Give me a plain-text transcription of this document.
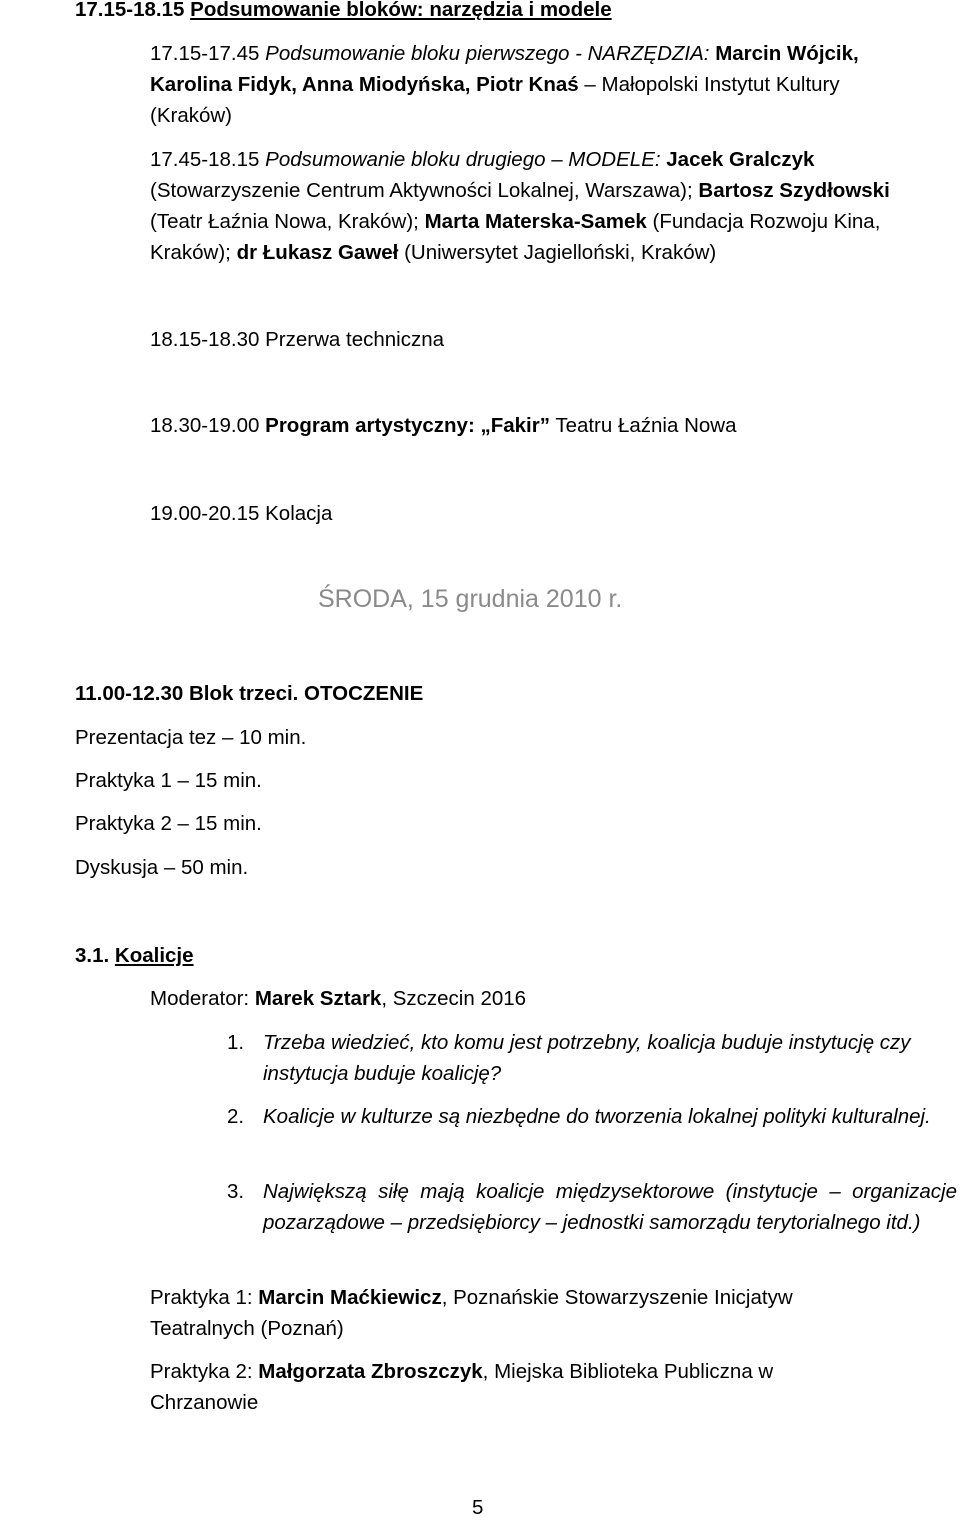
17.15-18.15 Podsumowanie bloków: narzędzia i modele
17.15-17.45 Podsumowanie bloku pierwszego - NARZĘDZIA: Marcin Wójcik, Karolina Fidyk, Anna Miodyńska, Piotr Knaś – Małopolski Instytut Kultury (Kraków)
17.45-18.15 Podsumowanie bloku drugiego – MODELE: Jacek Gralczyk (Stowarzyszenie Centrum Aktywności Lokalnej, Warszawa); Bartosz Szydłowski (Teatr Łaźnia Nowa, Kraków); Marta Materska-Samek (Fundacja Rozwoju Kina, Kraków); dr Łukasz Gaweł (Uniwersytet Jagielloński, Kraków)
18.15-18.30 Przerwa techniczna
18.30-19.00 Program artystyczny: „Fakir” Teatru Łaźnia Nowa
19.00-20.15 Kolacja
ŚRODA, 15 grudnia 2010 r.
11.00-12.30 Blok trzeci. OTOCZENIE
Prezentacja tez – 10 min.
Praktyka 1 – 15 min.
Praktyka 2 – 15 min.
Dyskusja – 50 min.
3.1. Koalicje
Moderator: Marek Sztark, Szczecin 2016
1. Trzeba wiedzieć, kto komu jest potrzebny, koalicja buduje instytucję czy instytucja buduje koalicję?
2. Koalicje w kulturze są niezbędne do tworzenia lokalnej polityki kulturalnej.
3. Największą siłę mają koalicje międzysektorowe (instytucje – organizacje pozarządowe – przedsiębiorcy – jednostki samorządu terytorialnego itd.)
Praktyka 1: Marcin Maćkiewicz, Poznańskie Stowarzyszenie Inicjatyw Teatralnych (Poznań)
Praktyka 2: Małgorzata Zbroszczyk, Miejska Biblioteka Publiczna w Chrzanowie
5
